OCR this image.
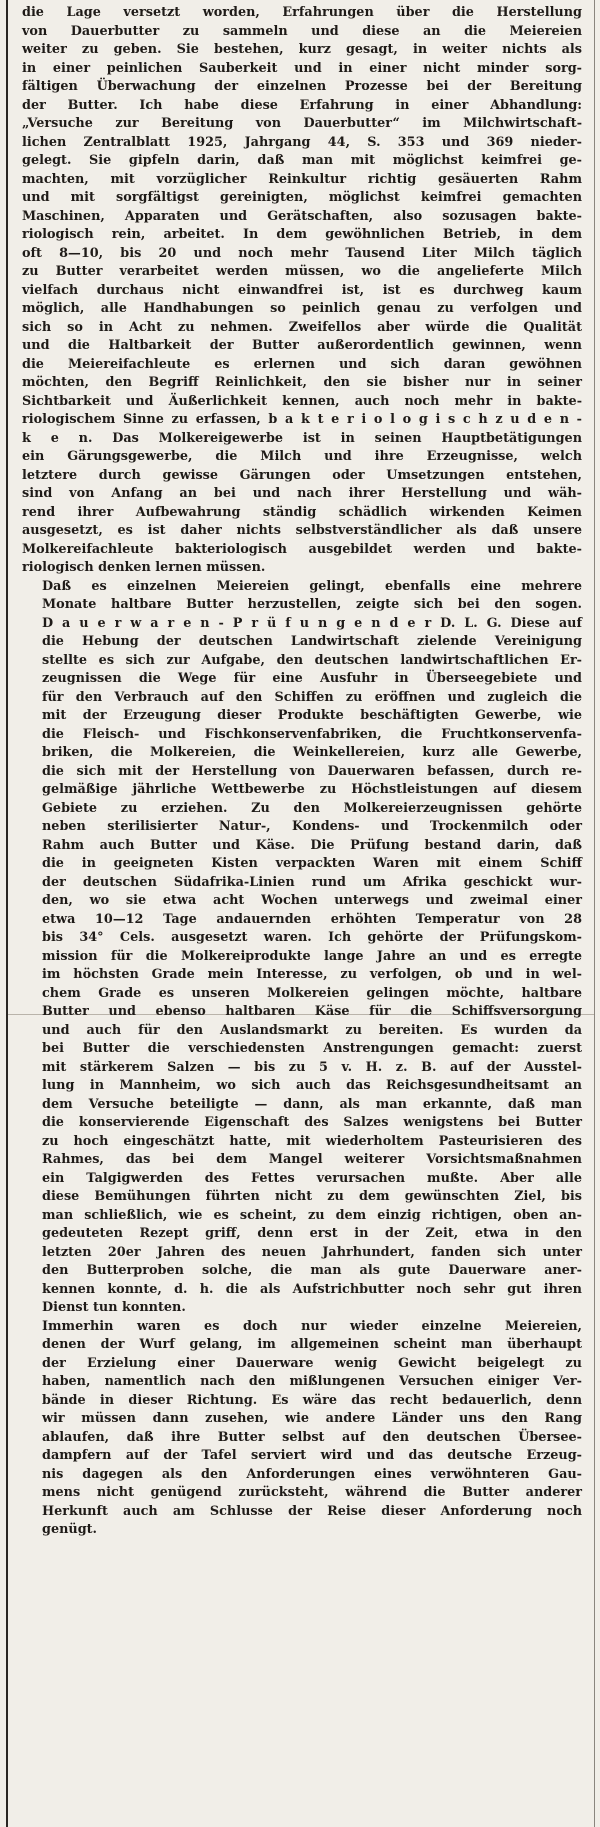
die Lage versetzt worden, Erfahrungen über die Herstellung
von Dauerbutter zu sammeln und diese an die Meiereien
weiter zu geben. Sie bestehen, kurz gesagt, in weiter nichts als
in einer peinlichen Sauberkeit und in einer nicht minder sorg-
fältigen Überwachung der einzelnen Prozesse bei der Bereitung
der Butter. Ich habe diese Erfahrung in einer Abhandlung:
„Versuche zur Bereitung von Dauerbutter“ im Milchwirtschaft-
lichen Zentralblatt 1925, Jahrgang 44, S. 353 und 369 nieder-
gelegt. Sie gipfeln darin, daß man mit möglichst keimfrei ge-
machten, mit vorzüglicher Reinkultur richtig gesäuerten Rahm
und mit sorgfältigst gereinigten, möglichst keimfrei gemachten
Maschinen, Apparaten und Gerätschaften, also sozusagen bakte-
riologisch rein, arbeitet. In dem gewöhnlichen Betrieb, in dem
oft 8—10, bis 20 und noch mehr Tausend Liter Milch täglich
zu Butter verarbeitet werden müssen, wo die angelieferte Milch
vielfach durchaus nicht einwandfrei ist, ist es durchweg kaum
möglich, alle Handhabungen so peinlich genau zu verfolgen und
sich so in Acht zu nehmen. Zweifellos aber würde die Qualität
und die Haltbarkeit der Butter außerordentlich gewinnen, wenn
die Meiereifachleute es erlernen und sich daran gewöhnen
möchten, den Begriff Reinlichkeit, den sie bisher nur in seiner
Sichtbarkeit und Äußerlichkeit kennen, auch noch mehr in bakte-
riologischem Sinne zu erfassen, b a k t e r i o l o g i s c h z u d e n -
k e n. Das Molkereigewerbe ist in seinen Hauptbetätigungen
ein Gärungsgewerbe, die Milch und ihre Erzeugnisse, welch
letztere durch gewisse Gärungen oder Umsetzungen entstehen,
sind von Anfang an bei und nach ihrer Herstellung und wäh-
rend ihrer Aufbewahrung ständig schädlich wirkenden Keimen
ausgesetzt, es ist daher nichts selbstverständlicher als daß unsere
Molkereifachleute bakteriologisch ausgebildet werden und bakte-
riologisch denken lernen müssen.
Daß es einzelnen Meiereien gelingt, ebenfalls eine mehrere
Monate haltbare Butter herzustellen, zeigte sich bei den sogen.
D a u e r w a r e n - P r ü f u n g e n d e r D. L. G. Diese auf
die Hebung der deutschen Landwirtschaft zielende Vereinigung
stellte es sich zur Aufgabe, den deutschen landwirtschaftlichen Er-
zeugnissen die Wege für eine Ausfuhr in Überseegebiete und
für den Verbrauch auf den Schiffen zu eröffnen und zugleich die
mit der Erzeugung dieser Produkte beschäftigten Gewerbe, wie
die Fleisch- und Fischkonservenfabriken, die Fruchtkonservenfa-
briken, die Molkereien, die Weinkellereien, kurz alle Gewerbe,
die sich mit der Herstellung von Dauerwaren befassen, durch re-
gelmäßige jährliche Wettbewerbe zu Höchstleistungen auf diesem
Gebiete zu erziehen. Zu den Molkereierzeugnissen gehörte
neben sterilisierter Natur-, Kondens- und Trockenmilch oder
Rahm auch Butter und Käse. Die Prüfung bestand darin, daß
die in geeigneten Kisten verpackten Waren mit einem Schiff
der deutschen Südafrika-Linien rund um Afrika geschickt wur-
den, wo sie etwa acht Wochen unterwegs und zweimal einer
etwa 10—12 Tage andauernden erhöhten Temperatur von 28
bis 34° Cels. ausgesetzt waren. Ich gehörte der Prüfungskom-
mission für die Molkereiprodukte lange Jahre an und es erregte
im höchsten Grade mein Interesse, zu verfolgen, ob und in wel-
chem Grade es unseren Molkereien gelingen möchte, haltbare
Butter und ebenso haltbaren Käse für die Schiffsversorgung
und auch für den Auslandsmarkt zu bereiten. Es wurden da
bei Butter die verschiedensten Anstrengungen gemacht: zuerst
mit stärkerem Salzen — bis zu 5 v. H. z. B. auf der Ausstel-
lung in Mannheim, wo sich auch das Reichsgesundheitsamt an
dem Versuche beteiligte — dann, als man erkannte, daß man
die konservierende Eigenschaft des Salzes wenigstens bei Butter
zu hoch eingeschätzt hatte, mit wiederholtem Pasteurisieren des
Rahmes, das bei dem Mangel weiterer Vorsichtsmaßnahmen
ein Talgigwerden des Fettes verursachen mußte. Aber alle
diese Bemühungen führten nicht zu dem gewünschten Ziel, bis
man schließlich, wie es scheint, zu dem einzig richtigen, oben an-
gedeuteten Rezept griff, denn erst in der Zeit, etwa in den
letzten 20er Jahren des neuen Jahrhundert, fanden sich unter
den Butterproben solche, die man als gute Dauerware aner-
kennen konnte, d. h. die als Aufstrichbutter noch sehr gut ihren
Dienst tun konnten.
Immerhin waren es doch nur wieder einzelne Meiereien,
denen der Wurf gelang, im allgemeinen scheint man überhaupt
der Erzielung einer Dauerware wenig Gewicht beigelegt zu
haben, namentlich nach den mißlungenen Versuchen einiger Ver-
bände in dieser Richtung. Es wäre das recht bedauerlich, denn
wir müssen dann zusehen, wie andere Länder uns den Rang
ablaufen, daß ihre Butter selbst auf den deutschen Übersee-
dampfern auf der Tafel serviert wird und das deutsche Erzeug-
nis dagegen als den Anforderungen eines verwöhnteren Gau-
mens nicht genügend zurücksteht, während die Butter anderer
Herkunft auch am Schlusse der Reise dieser Anforderung noch
genügt.
